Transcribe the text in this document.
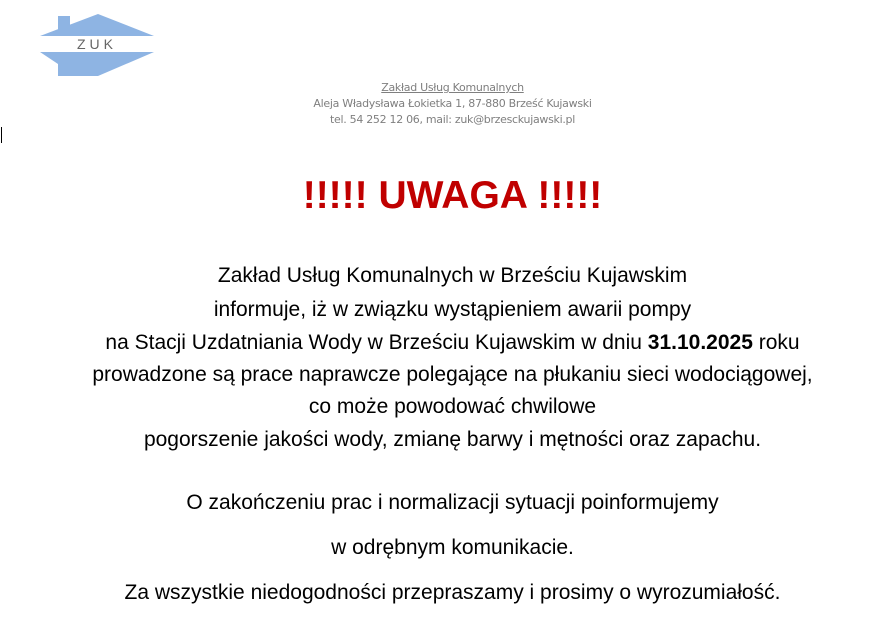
ZUK
Zakład Usług Komunalnych
Aleja Władysława Łokietka 1, 87-880 Brześć Kujawski
tel. 54 252 12 06, mail: zuk@brzesckujawski.pl
!!!!! UWAGA !!!!!
Zakład Usług Komunalnych w Brześciu Kujawskim
informuje, iż w związku wystąpieniem awarii pompy
na Stacji Uzdatniania Wody w Brześciu Kujawskim w dniu 31.10.2025 roku
prowadzone są prace naprawcze polegające na płukaniu sieci wodociągowej,
co może powodować chwilowe
pogorszenie jakości wody, zmianę barwy i mętności oraz zapachu.
O zakończeniu prac i normalizacji sytuacji poinformujemy
w odrębnym komunikacie.
Za wszystkie niedogodności przepraszamy i prosimy o wyrozumiałość.
